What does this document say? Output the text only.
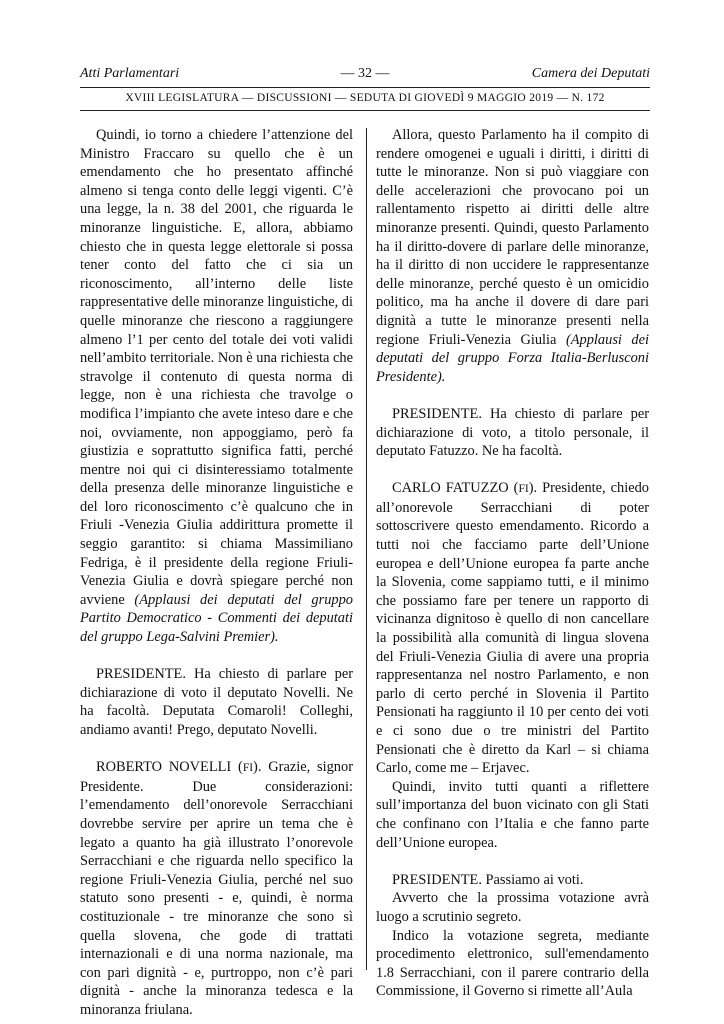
Atti Parlamentari	— 32 —	Camera dei Deputati
XVIII LEGISLATURA — DISCUSSIONI — SEDUTA DI GIOVEDÌ 9 MAGGIO 2019 — N. 172

Quindi, io torno a chiedere l’attenzione del Ministro Fraccaro su quello che è un emendamento che ho presentato affinché almeno si tenga conto delle leggi vigenti. C’è una legge, la n. 38 del 2001, che riguarda le minoranze linguistiche. E, allora, abbiamo chiesto che in questa legge elettorale si possa tener conto del fatto che ci sia un riconoscimento, all’interno delle liste rappresentative delle minoranze linguistiche, di quelle minoranze che riescono a raggiungere almeno l’1 per cento del totale dei voti validi nell’ambito territoriale. Non è una richiesta che stravolge il contenuto di questa norma di legge, non è una richiesta che travolge o modifica l’impianto che avete inteso dare e che noi, ovviamente, non appoggiamo, però fa giustizia e soprattutto significa fatti, perché mentre noi qui ci disinteressiamo totalmente della presenza delle minoranze linguistiche e del loro riconoscimento c’è qualcuno che in Friuli -Venezia Giulia addirittura promette il seggio garantito: si chiama Massimiliano Fedriga, è il presidente della regione Friuli-Venezia Giulia e dovrà spiegare perché non avviene (Applausi dei deputati del gruppo Partito Democratico - Commenti dei deputati del gruppo Lega-Salvini Premier).

PRESIDENTE. Ha chiesto di parlare per dichiarazione di voto il deputato Novelli. Ne ha facoltà. Deputata Comaroli! Colleghi, andiamo avanti! Prego, deputato Novelli.

ROBERTO NOVELLI (FI). Grazie, signor Presidente. Due considerazioni: l’emendamento dell’onorevole Serracchiani dovrebbe servire per aprire un tema che è legato a quanto ha già illustrato l’onorevole Serracchiani e che riguarda nello specifico la regione Friuli-Venezia Giulia, perché nel suo statuto sono presenti - e, quindi, è norma costituzionale - tre minoranze che sono sì quella slovena, che gode di trattati internazionali e di una norma nazionale, ma con pari dignità - e, purtroppo, non c’è pari dignità - anche la minoranza tedesca e la minoranza friulana.

Allora, questo Parlamento ha il compito di rendere omogenei e uguali i diritti, i diritti di tutte le minoranze. Non si può viaggiare con delle accelerazioni che provocano poi un rallentamento rispetto ai diritti delle altre minoranze presenti. Quindi, questo Parlamento ha il diritto-dovere di parlare delle minoranze, ha il diritto di non uccidere le rappresentanze delle minoranze, perché questo è un omicidio politico, ma ha anche il dovere di dare pari dignità a tutte le minoranze presenti nella regione Friuli-Venezia Giulia (Applausi dei deputati del gruppo Forza Italia-Berlusconi Presidente).

PRESIDENTE. Ha chiesto di parlare per dichiarazione di voto, a titolo personale, il deputato Fatuzzo. Ne ha facoltà.

CARLO FATUZZO (FI). Presidente, chiedo all’onorevole Serracchiani di poter sottoscrivere questo emendamento. Ricordo a tutti noi che facciamo parte dell’Unione europea e dell’Unione europea fa parte anche la Slovenia, come sappiamo tutti, e il minimo che possiamo fare per tenere un rapporto di vicinanza dignitoso è quello di non cancellare la possibilità alla comunità di lingua slovena del Friuli-Venezia Giulia di avere una propria rappresentanza nel nostro Parlamento, e non parlo di certo perché in Slovenia il Partito Pensionati ha raggiunto il 10 per cento dei voti e ci sono due o tre ministri del Partito Pensionati che è diretto da Karl – si chiama Carlo, come me – Erjavec.

Quindi, invito tutti quanti a riflettere sull’importanza del buon vicinato con gli Stati che confinano con l’Italia e che fanno parte dell’Unione europea.

PRESIDENTE. Passiamo ai voti.

Avverto che la prossima votazione avrà luogo a scrutinio segreto.

Indico la votazione segreta, mediante procedimento elettronico, sull'emendamento 1.8 Serracchiani, con il parere contrario della Commissione, il Governo si rimette all’Aula
